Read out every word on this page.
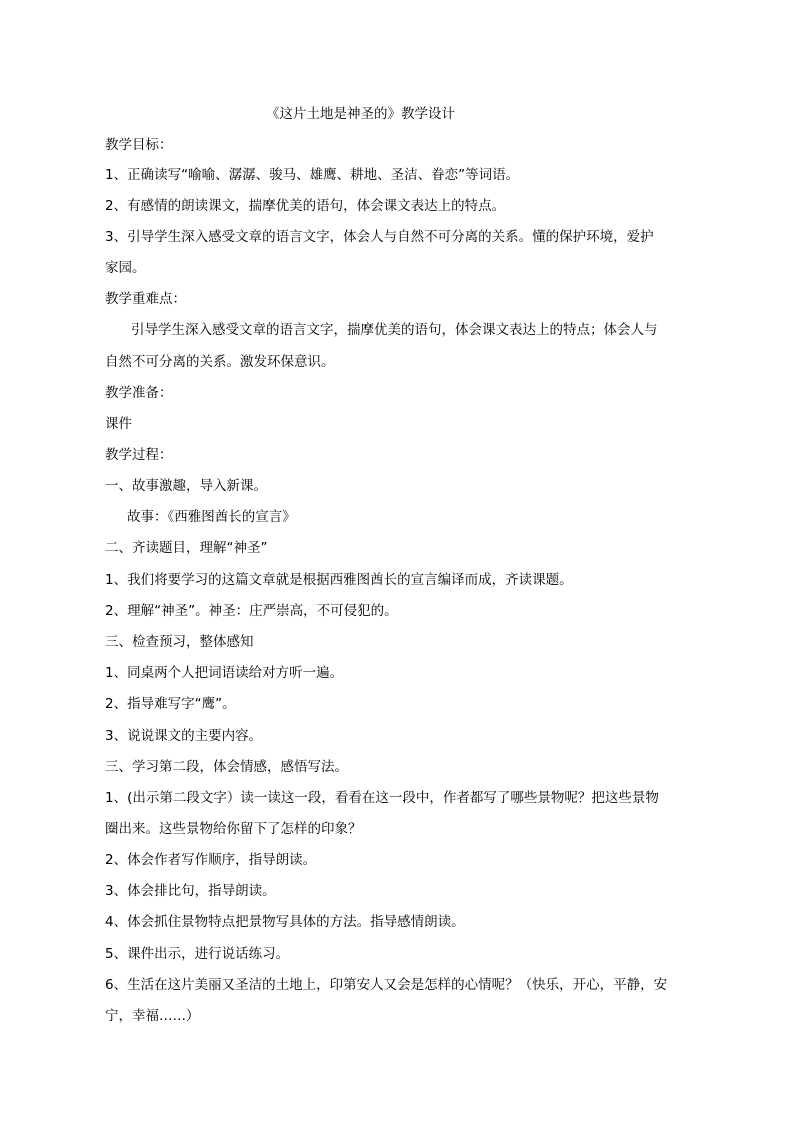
《这片土地是神圣的》教学设计
教学目标：
1、正确读写“喻喻、潺潺、骏马、雄鹰、耕地、圣洁、眷恋”等词语。
2、有感情的朗读课文，揣摩优美的语句，体会课文表达上的特点。
3、引导学生深入感受文章的语言文字，体会人与自然不可分离的关系。懂的保护环境，爱护
家园。
教学重难点：
引导学生深入感受文章的语言文字，揣摩优美的语句，体会课文表达上的特点；体会人与
自然不可分离的关系。激发环保意识。
教学准备：
课件
教学过程：
一、故事激趣，导入新课。
故事：《西雅图酋长的宣言》
二、齐读题目，理解“神圣”
1、我们将要学习的这篇文章就是根据西雅图酋长的宣言编译而成，齐读课题。
2、理解“神圣”。神圣：庄严崇高，不可侵犯的。
三、检查预习，整体感知
1、同桌两个人把词语读给对方听一遍。
2、指导难写字“鹰”。
3、说说课文的主要内容。
三、学习第二段，体会情感，感悟写法。
1、(出示第二段文字）读一读这一段，看看在这一段中，作者都写了哪些景物呢？把这些景物
圈出来。这些景物给你留下了怎样的印象？
2、体会作者写作顺序，指导朗读。
3、体会排比句，指导朗读。
4、体会抓住景物特点把景物写具体的方法。指导感情朗读。
5、课件出示，进行说话练习。
6、生活在这片美丽又圣洁的土地上，印第安人又会是怎样的心情呢？（快乐，开心，平静，安
宁，幸福……）
